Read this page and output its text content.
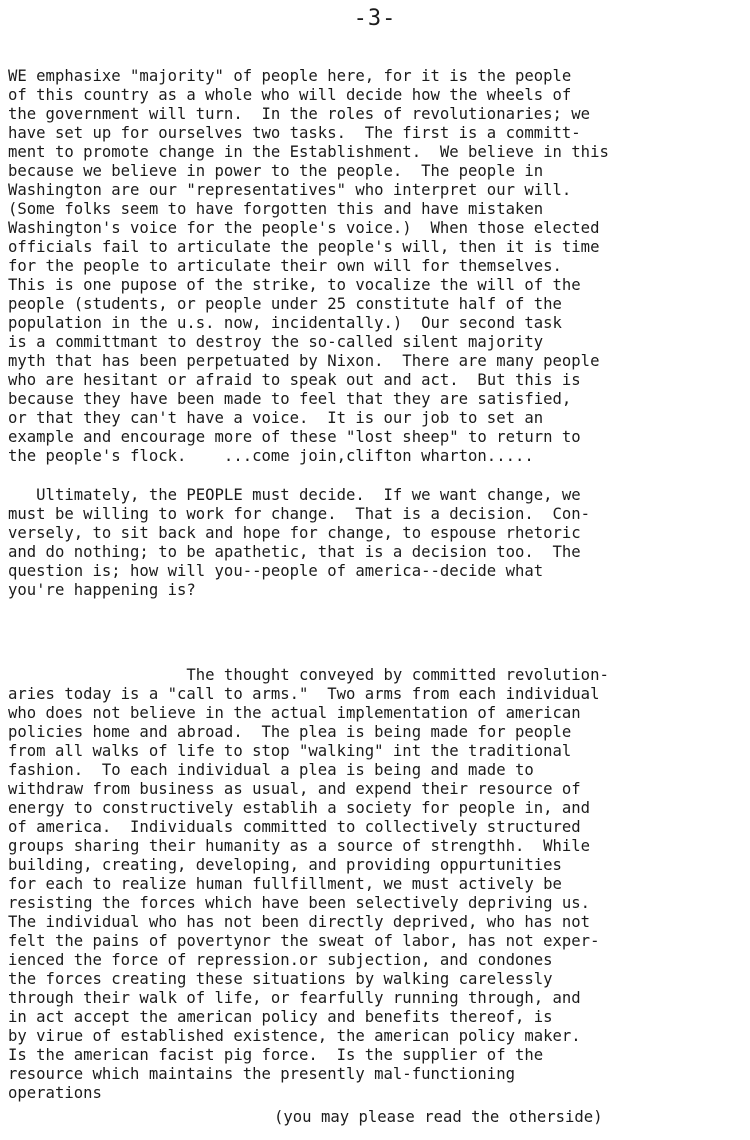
-3-
WE emphasixe "majority" of people here, for it is the people
of this country as a whole who will decide how the wheels of
the government will turn.  In the roles of revolutionaries; we
have set up for ourselves two tasks.  The first is a committ-
ment to promote change in the Establishment.  We believe in this
because we believe in power to the people.  The people in
Washington are our "representatives" who interpret our will.
(Some folks seem to have forgotten this and have mistaken
Washington's voice for the people's voice.)  When those elected
officials fail to articulate the people's will, then it is time
for the people to articulate their own will for themselves.
This is one pupose of the strike, to vocalize the will of the
people (students, or people under 25 constitute half of the
population in the u.s. now, incidentally.)  Our second task
is a committmant to destroy the so-called silent majority
myth that has been perpetuated by Nixon.  There are many people
who are hesitant or afraid to speak out and act.  But this is
because they have been made to feel that they are satisfied,
or that they can't have a voice.  It is our job to set an
example and encourage more of these "lost sheep" to return to
the people's flock.    ...come join,clifton wharton.....
Ultimately, the PEOPLE must decide.  If we want change, we
must be willing to work for change.  That is a decision.  Con-
versely, to sit back and hope for change, to espouse rhetoric
and do nothing; to be apathetic, that is a decision too.  The
question is; how will you--people of america--decide what
you're happening is?
The thought conveyed by committed revolution-
aries today is a "call to arms."  Two arms from each individual
who does not believe in the actual implementation of american
policies home and abroad.  The plea is being made for people
from all walks of life to stop "walking" int the traditional
fashion.  To each individual a plea is being and made to
withdraw from business as usual, and expend their resource of
energy to constructively establih a society for people in, and
of america.  Individuals committed to collectively structured
groups sharing their humanity as a source of strengthh.  While
building, creating, developing, and providing oppurtunities
for each to realize human fullfillment, we must actively be
resisting the forces which have been selectively depriving us.
The individual who has not been directly deprived, who has not
felt the pains of povertynor the sweat of labor, has not exper-
ienced the force of repression.or subjection, and condones
the forces creating these situations by walking carelessly
through their walk of life, or fearfully running through, and
in act accept the american policy and benefits thereof, is
by virue of established existence, the american policy maker.
Is the american facist pig force.  Is the supplier of the
resource which maintains the presently mal-functioning
operations
(you may please read the otherside)
